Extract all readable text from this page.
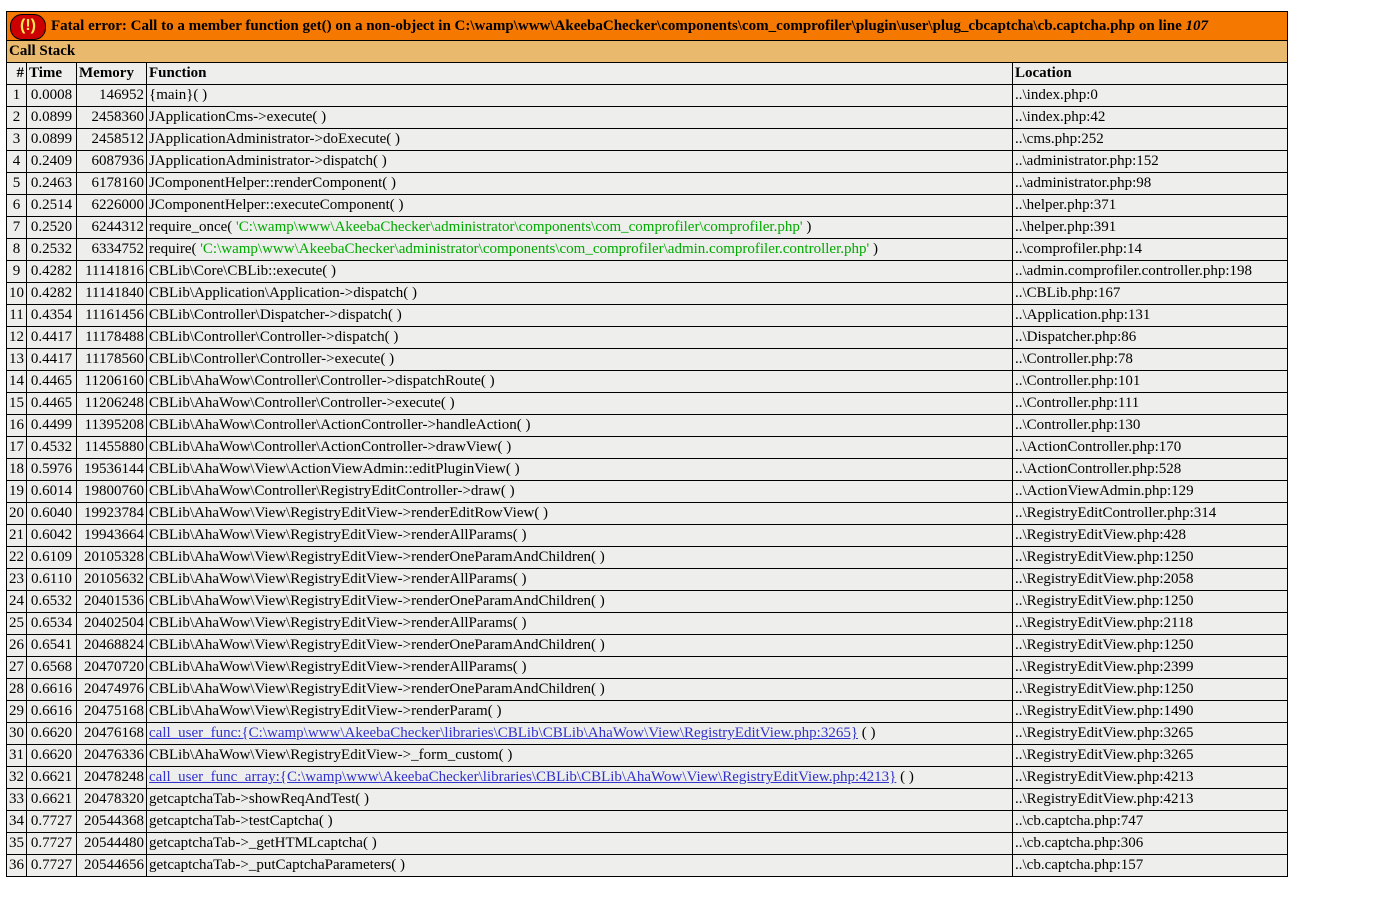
(!) Fatal error: Call to a member function get() on a non-object in C:\wamp\www\AkeebaChecker\components\com_comprofiler\plugin\user\plug_cbcaptcha\cb.captcha.php on line 107				
Call Stack				
#	Time	Memory	Function	Location
1	0.0008	146952	{main}( )	..\index.php:0
2	0.0899	2458360	JApplicationCms->execute( )	..\index.php:42
3	0.0899	2458512	JApplicationAdministrator->doExecute( )	..\cms.php:252
4	0.2409	6087936	JApplicationAdministrator->dispatch( )	..\administrator.php:152
5	0.2463	6178160	JComponentHelper::renderComponent( )	..\administrator.php:98
6	0.2514	6226000	JComponentHelper::executeComponent( )	..\helper.php:371
7	0.2520	6244312	require_once( 'C:\wamp\www\AkeebaChecker\administrator\components\com_comprofiler\comprofiler.php' )	..\helper.php:391
8	0.2532	6334752	require( 'C:\wamp\www\AkeebaChecker\administrator\components\com_comprofiler\admin.comprofiler.controller.php' )	..\comprofiler.php:14
9	0.4282	11141816	CBLib\Core\CBLib::execute( )	..\admin.comprofiler.controller.php:198
10	0.4282	11141840	CBLib\Application\Application->dispatch( )	..\CBLib.php:167
11	0.4354	11161456	CBLib\Controller\Dispatcher->dispatch( )	..\Application.php:131
12	0.4417	11178488	CBLib\Controller\Controller->dispatch( )	..\Dispatcher.php:86
13	0.4417	11178560	CBLib\Controller\Controller->execute( )	..\Controller.php:78
14	0.4465	11206160	CBLib\AhaWow\Controller\Controller->dispatchRoute( )	..\Controller.php:101
15	0.4465	11206248	CBLib\AhaWow\Controller\Controller->execute( )	..\Controller.php:111
16	0.4499	11395208	CBLib\AhaWow\Controller\ActionController->handleAction( )	..\Controller.php:130
17	0.4532	11455880	CBLib\AhaWow\Controller\ActionController->drawView( )	..\ActionController.php:170
18	0.5976	19536144	CBLib\AhaWow\View\ActionViewAdmin::editPluginView( )	..\ActionController.php:528
19	0.6014	19800760	CBLib\AhaWow\Controller\RegistryEditController->draw( )	..\ActionViewAdmin.php:129
20	0.6040	19923784	CBLib\AhaWow\View\RegistryEditView->renderEditRowView( )	..\RegistryEditController.php:314
21	0.6042	19943664	CBLib\AhaWow\View\RegistryEditView->renderAllParams( )	..\RegistryEditView.php:428
22	0.6109	20105328	CBLib\AhaWow\View\RegistryEditView->renderOneParamAndChildren( )	..\RegistryEditView.php:1250
23	0.6110	20105632	CBLib\AhaWow\View\RegistryEditView->renderAllParams( )	..\RegistryEditView.php:2058
24	0.6532	20401536	CBLib\AhaWow\View\RegistryEditView->renderOneParamAndChildren( )	..\RegistryEditView.php:1250
25	0.6534	20402504	CBLib\AhaWow\View\RegistryEditView->renderAllParams( )	..\RegistryEditView.php:2118
26	0.6541	20468824	CBLib\AhaWow\View\RegistryEditView->renderOneParamAndChildren( )	..\RegistryEditView.php:1250
27	0.6568	20470720	CBLib\AhaWow\View\RegistryEditView->renderAllParams( )	..\RegistryEditView.php:2399
28	0.6616	20474976	CBLib\AhaWow\View\RegistryEditView->renderOneParamAndChildren( )	..\RegistryEditView.php:1250
29	0.6616	20475168	CBLib\AhaWow\View\RegistryEditView->renderParam( )	..\RegistryEditView.php:1490
30	0.6620	20476168	call_user_func:{C:\wamp\www\AkeebaChecker\libraries\CBLib\CBLib\AhaWow\View\RegistryEditView.php:3265} ( )	..\RegistryEditView.php:3265
31	0.6620	20476336	CBLib\AhaWow\View\RegistryEditView->_form_custom( )	..\RegistryEditView.php:3265
32	0.6621	20478248	call_user_func_array:{C:\wamp\www\AkeebaChecker\libraries\CBLib\CBLib\AhaWow\View\RegistryEditView.php:4213} ( )	..\RegistryEditView.php:4213
33	0.6621	20478320	getcaptchaTab->showReqAndTest( )	..\RegistryEditView.php:4213
34	0.7727	20544368	getcaptchaTab->testCaptcha( )	..\cb.captcha.php:747
35	0.7727	20544480	getcaptchaTab->_getHTMLcaptcha( )	..\cb.captcha.php:306
36	0.7727	20544656	getcaptchaTab->_putCaptchaParameters( )	..\cb.captcha.php:157
